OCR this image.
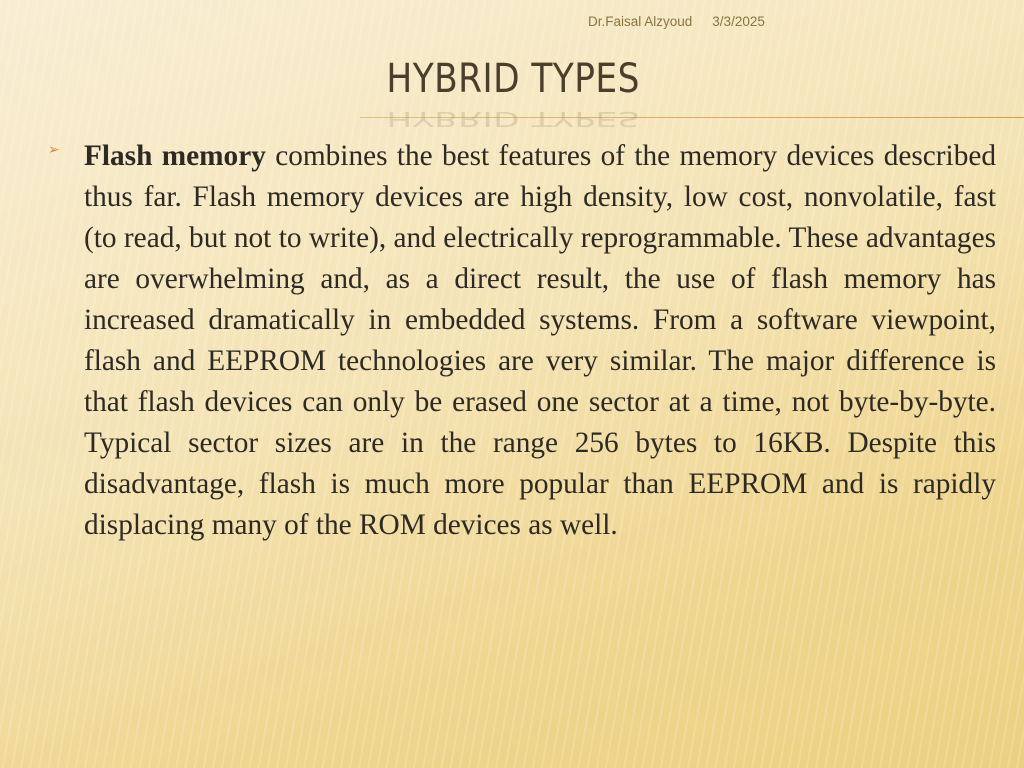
Dr.Faisal Alzyoud 3/3/2025
HYBRID TYPES
HYBRID TYPES
➢ Flash memory combines the best features of the memory devices described thus far. Flash memory devices are high density, low cost, nonvolatile, fast (to read, but not to write), and electrically reprogrammable. These advantages are overwhelming and, as a direct result, the use of flash memory has increased dramatically in embedded systems. From a software viewpoint, flash and EEPROM technologies are very similar. The major difference is that flash devices can only be erased one sector at a time, not byte-by-byte. Typical sector sizes are in the range 256 bytes to 16KB. Despite this disadvantage, flash is much more popular than EEPROM and is rapidly displacing many of the ROM devices as well.
